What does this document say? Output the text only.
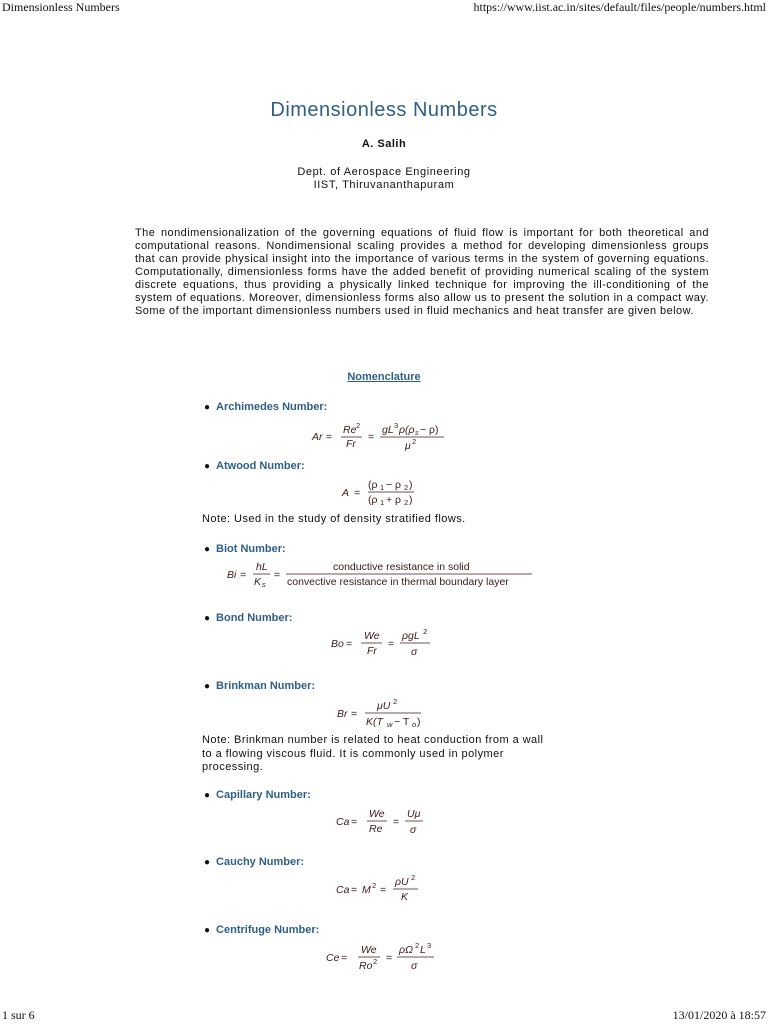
Dimensionless Numbers	https://www.iist.ac.in/sites/default/files/people/numbers.html
1 sur 6	13/01/2020 à 18:57
Dimensionless Numbers
A. Salih
Dept. of Aerospace Engineering
IIST, Thiruvananthapuram

The nondimensionalization of the governing equations of fluid flow is important for both theoretical and computational reasons. Nondimensional scaling provides a method for developing dimensionless groups that can provide physical insight into the importance of various terms in the system of governing equations. Computationally, dimensionless forms have the added benefit of providing numerical scaling of the system discrete equations, thus providing a physically linked technique for improving the ill-conditioning of the system of equations. Moreover, dimensionless forms also allow us to present the solution in a compact way. Some of the important dimensionless numbers used in fluid mechanics and heat transfer are given below.

Nomenclature
● Archimedes Number:
Ar =
Re 2
Fr
=
gL 3 ρ(ρ s − ρ)
μ 2
● Atwood Number:
A =
(ρ 1 − ρ 2 )
(ρ 1 + ρ 2 )

Note: Used in the study of density stratified flows.

● Biot Number:
Bi =
hL
K s
=
conductive resistance in solid
convective resistance in thermal boundary layer
● Bond Number:
Bo =
We
Fr
=
ρgL 2
σ
● Brinkman Number:
Br =
μU 2
K(T w − T o )

Note: Brinkman number is related to heat conduction from a wall to a flowing viscous fluid. It is commonly used in polymer processing.

● Capillary Number:
Ca =
We
Re
=
Uμ
σ
● Cauchy Number:
Ca = M 2 =
ρU 2
K
● Centrifuge Number:
Ce =
We
Ro 2 =
ρΩ 2 L 3
σ
